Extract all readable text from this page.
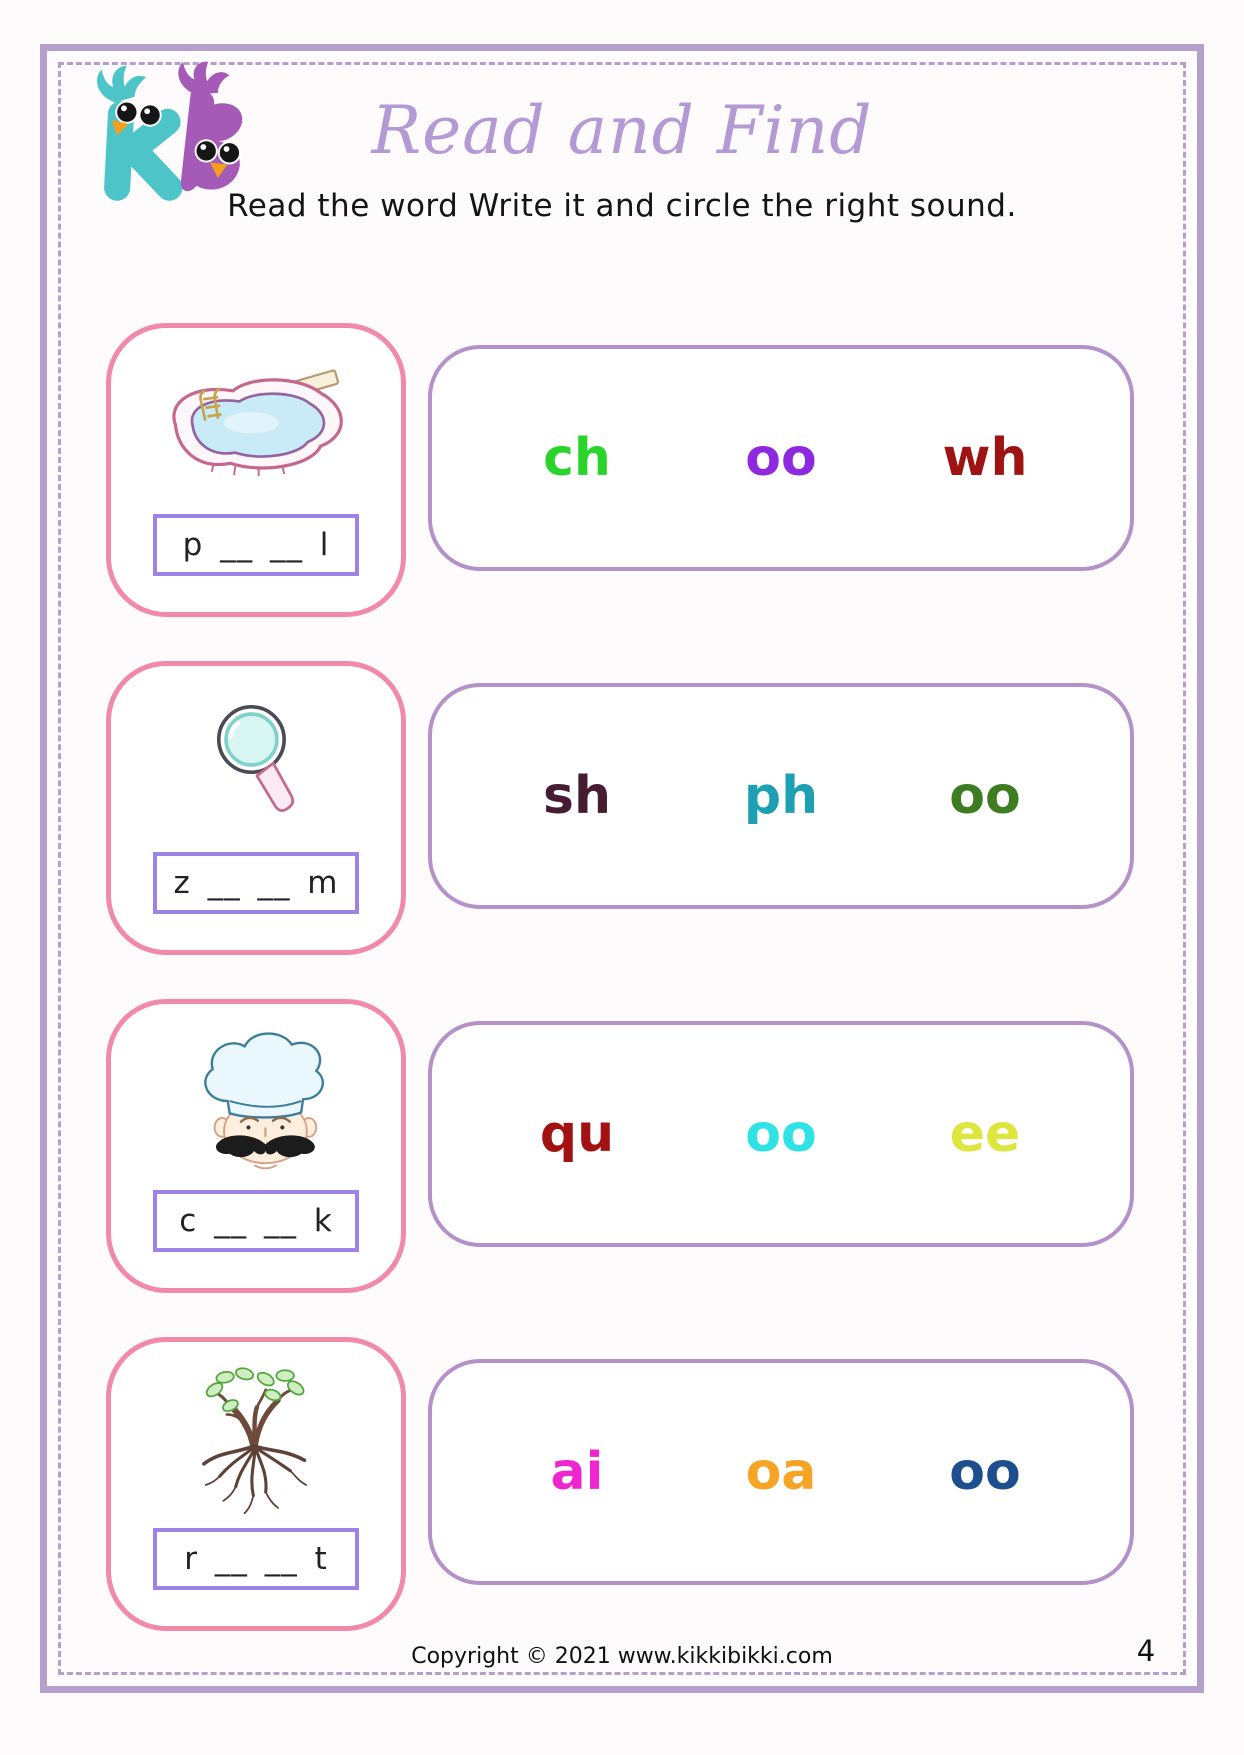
Read and Find
Read the word Write it and circle the right sound.
p __ __ l
ch	oo	wh
z __ __ m
sh	ph	oo
c __ __ k
qu	oo	ee
r __ __ t
ai	oa	oo
Copyright © 2021 www.kikkibikki.com	4
